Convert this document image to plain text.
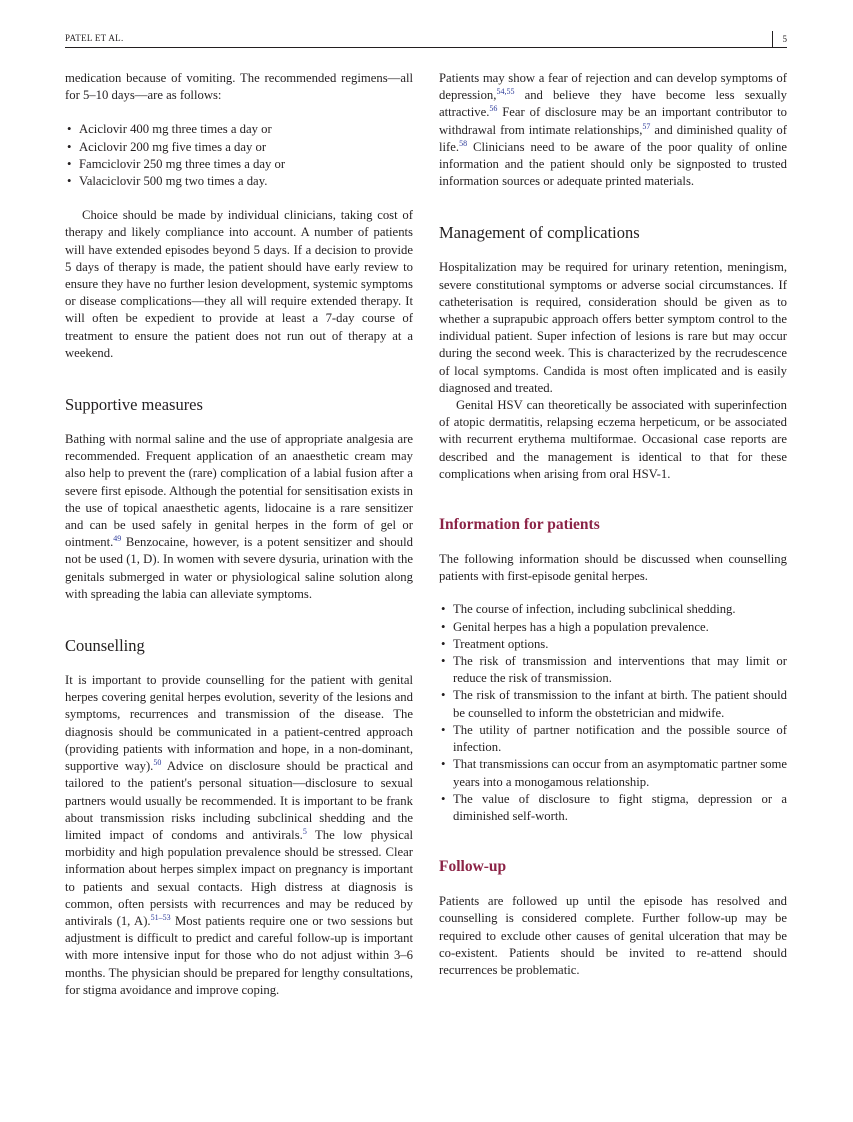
PATEL ET AL.	5

medication because of vomiting. The recommended regimens—all for 5–10 days—are as follows:

• Aciclovir 400 mg three times a day or
• Aciclovir 200 mg five times a day or
• Famciclovir 250 mg three times a day or
• Valaciclovir 500 mg two times a day.

Choice should be made by individual clinicians, taking cost of therapy and likely compliance into account. A number of patients will have extended episodes beyond 5 days. If a decision to provide 5 days of therapy is made, the patient should have early review to ensure they have no further lesion development, systemic symptoms or disease complications—they all will require extended therapy. It will often be expedient to provide at least a 7-day course of treatment to ensure the patient does not run out of therapy at a weekend.

Supportive measures

Bathing with normal saline and the use of appropriate analgesia are recommended. Frequent application of an anaesthetic cream may also help to prevent the (rare) complication of a labial fusion after a severe first episode. Although the potential for sensitisation exists in the use of topical anaesthetic agents, lidocaine is a rare sensitizer and can be used safely in genital herpes in the form of gel or ointment.$^{49}$ Benzocaine, however, is a potent sensitizer and should not be used (1, D). In women with severe dysuria, urination with the genitals submerged in water or physiological saline solution along with spreading the labia can alleviate symptoms.

Counselling

It is important to provide counselling for the patient with genital herpes covering genital herpes evolution, severity of the lesions and symptoms, recurrences and transmission of the disease. The diagnosis should be communicated in a patient-centred approach (providing patients with information and hope, in a non-dominant, supportive way).$^{50}$ Advice on disclosure should be practical and tailored to the patient's personal situation—disclosure to sexual partners would usually be recommended. It is important to be frank about transmission risks including subclinical shedding and the limited impact of condoms and antivirals.$^5$ The low physical morbidity and high population prevalence should be stressed. Clear information about herpes simplex impact on pregnancy is important to patients and sexual contacts. High distress at diagnosis is common, often persists with recurrences and may be reduced by antivirals (1, A).$^{51-53}$ Most patients require one or two sessions but adjustment is difficult to predict and careful follow-up is important with more intensive input for those who do not adjust within 3–6 months. The physician should be prepared for lengthy consultations, for stigma avoidance and improve coping.

Patients may show a fear of rejection and can develop symptoms of depression,$^{54,55}$ and believe they have become less sexually attractive.$^{56}$ Fear of disclosure may be an important contributor to withdrawal from intimate relationships,$^{57}$ and diminished quality of life.$^{58}$ Clinicians need to be aware of the poor quality of online information and the patient should only be signposted to trusted information sources or adequate printed materials.

Management of complications

Hospitalization may be required for urinary retention, meningism, severe constitutional symptoms or adverse social circumstances. If catheterisation is required, consideration should be given as to whether a suprapubic approach offers better symptom control to the individual patient. Super infection of lesions is rare but may occur during the second week. This is characterized by the recrudescence of local symptoms. Candida is most often implicated and is easily diagnosed and treated.

Genital HSV can theoretically be associated with superinfection of atopic dermatitis, relapsing eczema herpeticum, or be associated with recurrent erythema multiformae. Occasional case reports are described and the management is identical to that for these complications when arising from oral HSV-1.

Information for patients

The following information should be discussed when counselling patients with first-episode genital herpes.

• The course of infection, including subclinical shedding.
• Genital herpes has a high a population prevalence.
• Treatment options.
• The risk of transmission and interventions that may limit or reduce the risk of transmission.
• The risk of transmission to the infant at birth. The patient should be counselled to inform the obstetrician and midwife.
• The utility of partner notification and the possible source of infection.
• That transmissions can occur from an asymptomatic partner some years into a monogamous relationship.
• The value of disclosure to fight stigma, depression or a diminished self-worth.
Follow-up

Patients are followed up until the episode has resolved and counselling is considered complete. Further follow-up may be required to exclude other causes of genital ulceration that may be co-existent. Patients should be invited to re-attend should recurrences be problematic.
